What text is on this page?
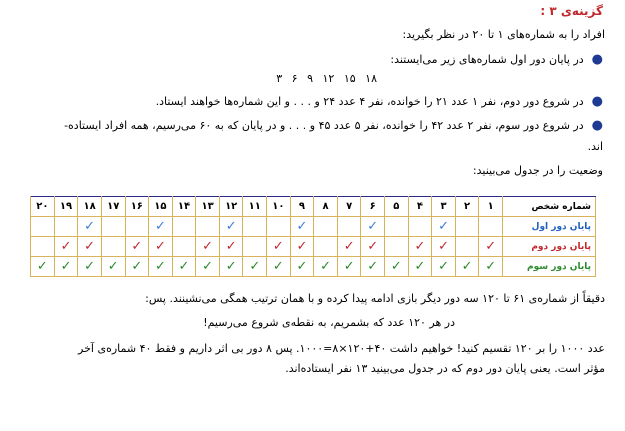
گزینه‌ی ۳ :
افراد را به شماره‌های ۱ تا ۲۰ در نظر بگیرید:
●در پایان دور اول شماره‌های زیر می‌ایستند:
۱۸ ۱۵ ۱۲ ۹ ۶ ۳
●در شروع دور دوم، نفر ۱ عدد ۲۱ را خوانده، نفر ۴ عدد ۲۴ و . . . و این شماره‌ها خواهند ایستاد.
●در شروع دور سوم، نفر ۲ عدد ۴۲ را خوانده، نفر ۵ عدد ۴۵ و . . . و در پایان که به ۶۰ می‌رسیم، همه افراد ایستاده-
اند.
وضعیت را در جدول می‌بینید:
شماره شخص	۱	۲	۳	۴	۵	۶	۷	۸	۹	۱۰	۱۱	۱۲	۱۳	۱۴	۱۵	۱۶	۱۷	۱۸	۱۹	۲۰
پایان دور اول			✓			✓			✓			✓			✓			✓		
پایان دور دوم	✓		✓	✓		✓	✓		✓	✓		✓	✓		✓	✓		✓	✓	
پایان دور سوم	✓	✓	✓	✓	✓	✓	✓	✓	✓	✓	✓	✓	✓	✓	✓	✓	✓	✓	✓	✓
دقیقاً از شماره‌ی ۶۱ تا ۱۲۰ سه دور دیگر بازی ادامه پیدا کرده و با همان ترتیب همگی می‌نشینند. پس:
در هر ۱۲۰ عدد که بشمریم، به نقطه‌ی شروع می‌رسیم!
عدد ۱۰۰۰ را بر ۱۲۰ تقسیم کنید! خواهیم داشت ۴۰+۱۲۰×۸=۱۰۰۰. پس ۸ دور بی اثر داریم و فقط ۴۰ شماره‌ی آخر
مؤثر است. یعنی پایان دور دوم که در جدول می‌بینید ۱۳ نفر ایستاده‌اند.
